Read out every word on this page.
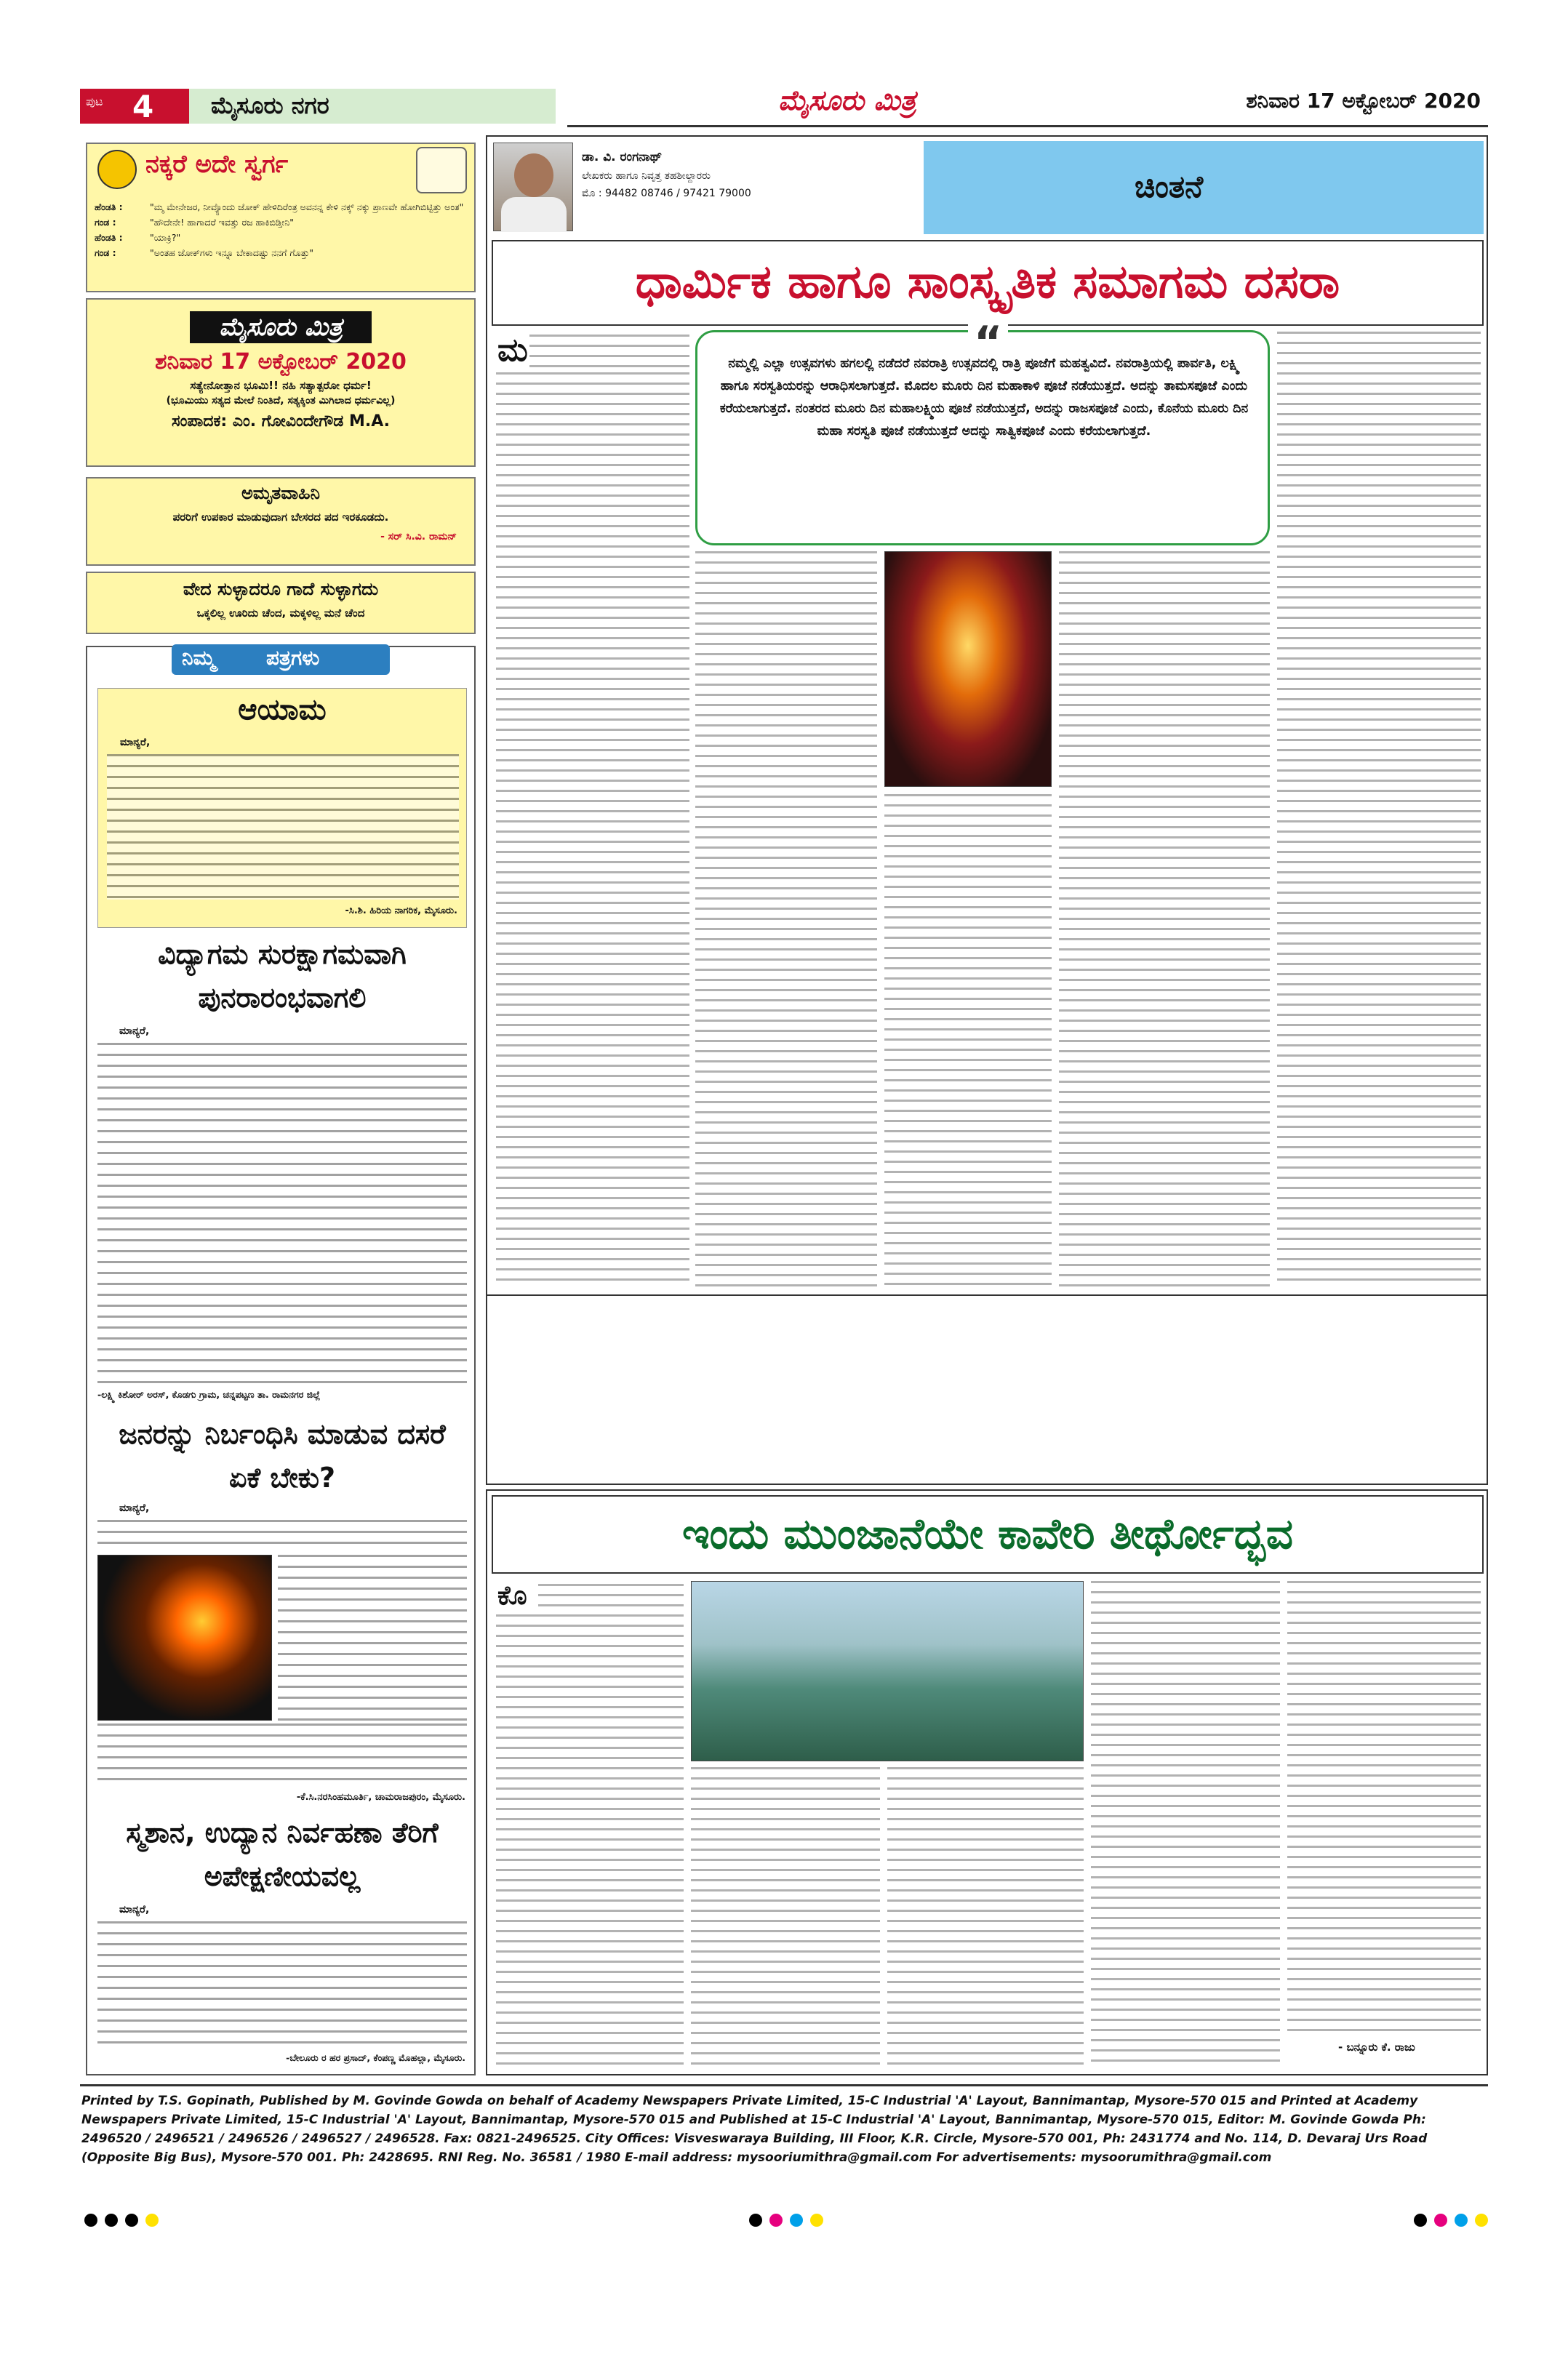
ಪುಟ 4 ಮೈಸೂರು ನಗರ	ಮೈಸೂರು ಮಿತ್ರ	ಶನಿವಾರ 17 ಅಕ್ಟೋಬರ್ 2020
ನಕ್ಕರೆ ಅದೇ ಸ್ವರ್ಗ
ಹೆಂಡತಿ :	"ಮ್ಮ ಮೇನೇಜರ, ನೀವ್ಯೊಂದು ಜೋಕ್ ಹೇಳಿದಿರೆಂತ್ರ ಅವನನ್ನ ಕೇಳಿ ನಕ್ಕ್ ನಕ್ಕು ಪ್ರಾಣವೇ ಹೋಗಿಬಿಟ್ಟಿತ್ತು ಅಂತ"
ಗಂಡ :	"ಹೌದೇನೇ! ಹಾಗಾದರೆ ಇವತ್ತು ರಜ ಹಾಕಿಬಿಡ್ತೀನಿ"
ಹೆಂಡತಿ :	"ಯಾಕ್ರಿ?"
ಗಂಡ :	"ಅಂತಹ ಜೋಕ್‌ಗಳು ಇನ್ನೂ ಬೇಕಾದಷ್ಟು ನನಗೆ ಗೊತ್ತು"
ಮೈಸೂರು ಮಿತ್ರ
ಶನಿವಾರ 17 ಅಕ್ಟೋಬರ್ 2020
ಸತ್ಯೇನೋತ್ತಾನ ಭೂಮಿ!! ನಹಿ ಸತ್ಯಾತ್ಪರೋ ಧರ್ಮ!
(ಭೂಮಿಯು ಸತ್ಯದ ಮೇಲೆ ನಿಂತಿದೆ, ಸತ್ಯಕ್ಕಿಂತ ಮಿಗಿಲಾದ ಧರ್ಮವಿಲ್ಲ)
ಸಂಪಾದಕ: ಎಂ. ಗೋವಿಂದೇಗೌಡ M.A.
ಅಮೃತವಾಹಿನಿ
ಪರರಿಗೆ ಉಪಕಾರ ಮಾಡುವುದಾಗ ಬೇಸರದ ಪದ ಇರಕೂಡದು.
- ಸರ್ ಸಿ.ವಿ. ರಾಮನ್
ವೇದ ಸುಳ್ಳಾದರೂ ಗಾದೆ ಸುಳ್ಳಾಗದು
ಒಕ್ಕಲಿಲ್ಲ ಊರಿದು ಚೆಂದ, ಮಕ್ಕಳಿಲ್ಲ ಮನೆ ಚೆಂದ
ನಿಮ್ಮ ಪತ್ರಗಳು
ಆಯಾಮ
ಮಾನ್ಯರೆ,
-ಸಿ.ಶಿ. ಹಿರಿಯ ನಾಗರಿಕ, ಮೈಸೂರು.
ವಿದ್ಯಾಗಮ ಸುರಕ್ಷಾಗಮವಾಗಿ ಪುನರಾರಂಭವಾಗಲಿ
ಮಾನ್ಯರೆ,
-ಲಕ್ಷ್ಮಿ ಕಿಶೋರ್ ಅರಸ್, ಕೊಡಗು ಗ್ರಾಮ, ಚನ್ನಪಟ್ಟಣ ತಾ. ರಾಮನಗರ ಜಿಲ್ಲೆ
ಜನರನ್ನು ನಿರ್ಬಂಧಿಸಿ ಮಾಡುವ ದಸರೆ ಏಕೆ ಬೇಕು?
ಮಾನ್ಯರೆ,
-ಕೆ.ಸಿ.ನರಸಿಂಹಮೂರ್ತಿ, ಚಾಮರಾಜಪುರಂ, ಮೈಸೂರು.
ಸ್ಮಶಾನ, ಉದ್ಯಾನ ನಿರ್ವಹಣಾ ತೆರಿಗೆ ಅಪೇಕ್ಷಣೀಯವಲ್ಲ
ಮಾನ್ಯರೆ,
-ಬೇಲೂರು ರ ಹರ ಪ್ರಸಾದ್, ಕೆಂಪಣ್ಣ ಮೊಹಲ್ಲಾ, ಮೈಸೂರು.
ಡಾ. ವಿ. ರಂಗನಾಥ್
ಲೇಖಕರು ಹಾಗೂ ನಿವೃತ್ತ ತಹಶೀಲ್ದಾರರು
ಮೊ : 94482 08746 / 97421 79000	ಚಿಂತನೆ
ಧಾರ್ಮಿಕ ಹಾಗೂ ಸಾಂಸ್ಕೃತಿಕ ಸಮಾಗಮ ದಸರಾ
ಮ	“
ನಮ್ಮಲ್ಲಿ ಎಲ್ಲಾ ಉತ್ಸವಗಳು ಹಗಲಲ್ಲಿ ನಡೆದರೆ ನವರಾತ್ರಿ ಉತ್ಸವದಲ್ಲಿ ರಾತ್ರಿ ಪೂಜೆಗೆ ಮಹತ್ವವಿದೆ. ನವರಾತ್ರಿಯಲ್ಲಿ ಪಾರ್ವತಿ, ಲಕ್ಷ್ಮಿ ಹಾಗೂ ಸರಸ್ವತಿಯರನ್ನು ಆರಾಧಿಸಲಾಗುತ್ತದೆ. ಮೊದಲ ಮೂರು ದಿನ ಮಹಾಕಾಳಿ ಪೂಜೆ ನಡೆಯುತ್ತದೆ. ಅದನ್ನು ತಾಮಸಪೂಜೆ ಎಂದು ಕರೆಯಲಾಗುತ್ತದೆ. ನಂತರದ ಮೂರು ದಿನ ಮಹಾಲಕ್ಷ್ಮಿಯ ಪೂಜೆ ನಡೆಯುತ್ತದೆ, ಅದನ್ನು ರಾಜಸಪೂಜೆ ಎಂದು, ಕೊನೆಯ ಮೂರು ದಿನ ಮಹಾ ಸರಸ್ವತಿ ಪೂಜೆ ನಡೆಯುತ್ತದೆ ಅದನ್ನು ಸಾತ್ವಿಕಪೂಜೆ ಎಂದು ಕರೆಯಲಾಗುತ್ತದೆ.
ಇಂದು ಮುಂಜಾನೆಯೇ ಕಾವೇರಿ ತೀರ್ಥೋದ್ಭವ
ಕೊ
- ಬನ್ನೂರು ಕೆ. ರಾಜು
Printed by T.S. Gopinath, Published by M. Govinde Gowda on behalf of Academy Newspapers Private Limited, 15-C Industrial 'A' Layout, Bannimantap, Mysore-570 015 and Printed at Academy Newspapers Private Limited, 15-C Industrial 'A' Layout, Bannimantap, Mysore-570 015 and Published at 15-C Industrial 'A' Layout, Bannimantap, Mysore-570 015, Editor: M. Govinde Gowda Ph: 2496520 / 2496521 / 2496526 / 2496527 / 2496528. Fax: 0821-2496525. City Offices: Visveswaraya Building, III Floor, K.R. Circle, Mysore-570 001, Ph: 2431774 and No. 114, D. Devaraj Urs Road (Opposite Big Bus), Mysore-570 001. Ph: 2428695. RNI Reg. No. 36581 / 1980 E-mail address: mysooriumithra@gmail.com For advertisements: mysoorumithra@gmail.com
